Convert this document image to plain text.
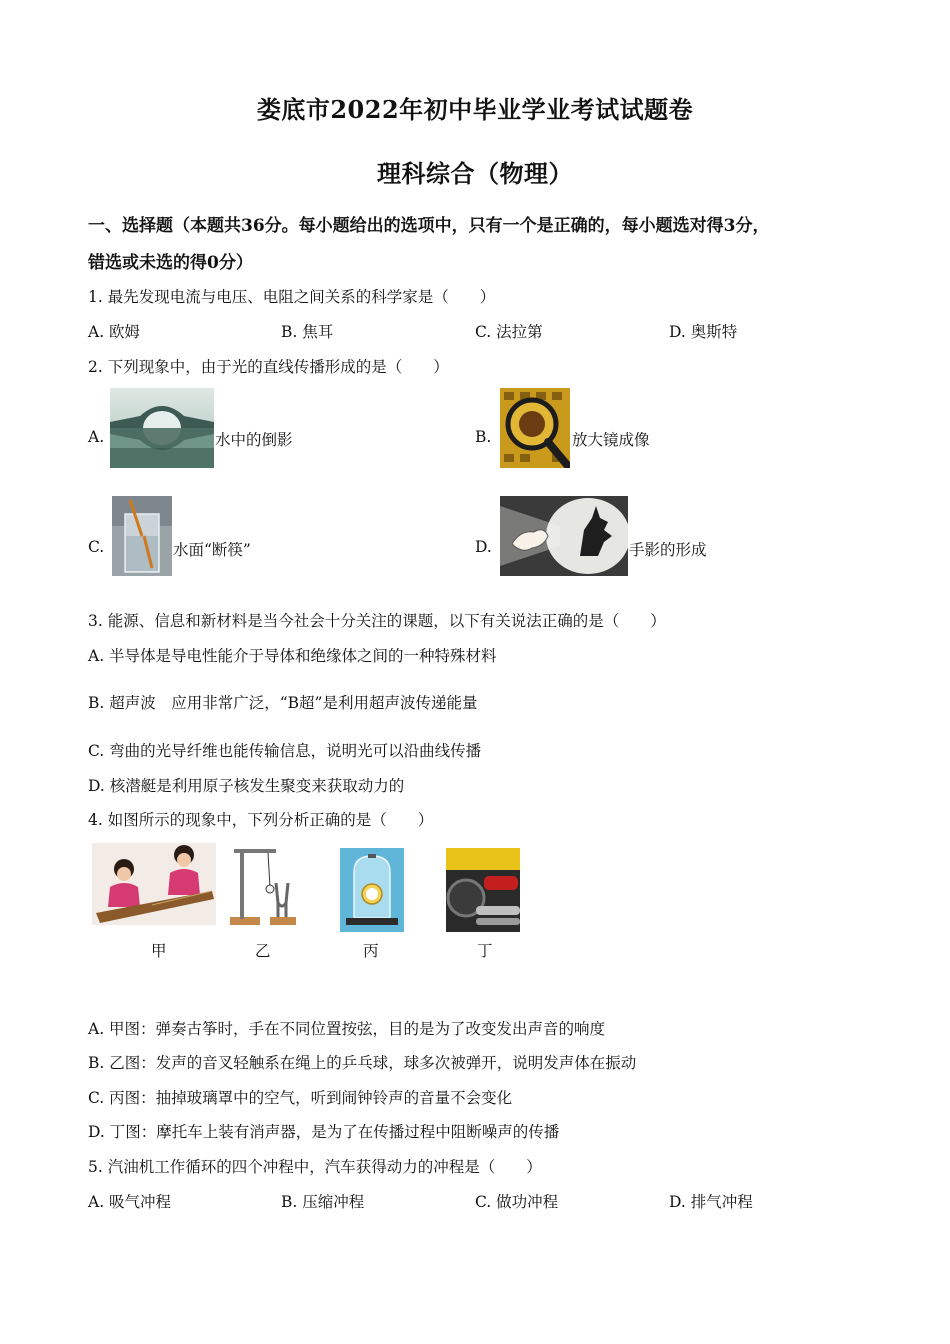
娄底市2022年初中毕业学业考试试题卷
理科综合（物理）
一、选择题（本题共36分。每小题给出的选项中，只有一个是正确的，每小题选对得3分，
错选或未选的得0分）
1. 最先发现电流与电压、电阻之间关系的科学家是（　　）
A. 欧姆	B. 焦耳	C. 法拉第	D. 奥斯特
2. 下列现象中，由于光的直线传播形成的是（　　）
A.	水中的倒影	B.	放大镜成像
C.	水面“断筷”	D.	手影的形成
3. 能源、信息和新材料是当今社会十分关注的课题，以下有关说法正确的是（　　）
A. 半导体是导电性能介于导体和绝缘体之间的一种特殊材料
B. 超声波　应用非常广泛，“B超”是利用超声波传递能量
C. 弯曲的光导纤维也能传输信息，说明光可以沿曲线传播
D. 核潜艇是利用原子核发生聚变来获取动力的
4. 如图所示的现象中，下列分析正确的是（　　）
甲	乙	丙	丁
A. 甲图：弹奏古筝时，手在不同位置按弦，目的是为了改变发出声音的响度
B. 乙图：发声的音叉轻触系在绳上的乒乓球，球多次被弹开，说明发声体在振动
C. 丙图：抽掉玻璃罩中的空气，听到闹钟铃声的音量不会变化
D. 丁图：摩托车上装有消声器，是为了在传播过程中阻断噪声的传播
5. 汽油机工作循环的四个冲程中，汽车获得动力的冲程是（　　）
A. 吸气冲程	B. 压缩冲程	C. 做功冲程	D. 排气冲程
